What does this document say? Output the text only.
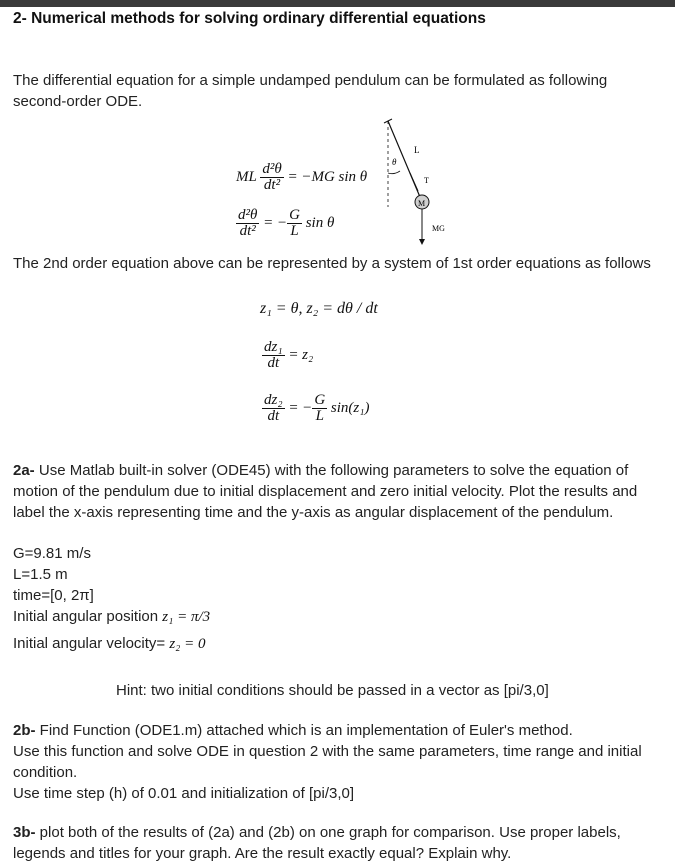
2- Numerical methods for solving ordinary differential equations
The differential equation for a simple undamped pendulum can be formulated as following second-order ODE.
ML $\frac{\text{d²θ}}{\text{dt²}} = -MG$ sin θ
$\frac{\text{d²θ}}{\text{dt²}}$ = − $\frac{G}{L}$ sin θ
θ
L
T
M
MG
The 2nd order equation above can be represented by a system of 1st order equations as follows
z₁ = θ, z₂ = dθ / dt
$\frac{\text{dz₁}}{dt} = z_2$
$\frac{\text{dz₂}}{dt}$ = − $\frac{G}{L} \sin(z_1)$
2a- Use Matlab built-in solver (ODE45) with the following parameters to solve the equation of motion of the pendulum due to initial displacement and zero initial velocity. Plot the results and label the x-axis representing time and the y-axis as angular displacement of the pendulum.
G=9.81 m/s
L=1.5 m
time=[0, 2π]
Initial angular position z₁ = π/3
Initial angular velocity= z₂ = 0
Hint: two initial conditions should be passed in a vector as [pi/3,0]
2b- Find Function (ODE1.m) attached which is an implementation of Euler's method.
Use this function and solve ODE in question 2 with the same parameters, time range and initial condition.
Use time step (h) of 0.01 and initialization of [pi/3,0]
3b- plot both of the results of (2a) and (2b) on one graph for comparison. Use proper labels, legends and titles for your graph. Are the result exactly equal? Explain why.
